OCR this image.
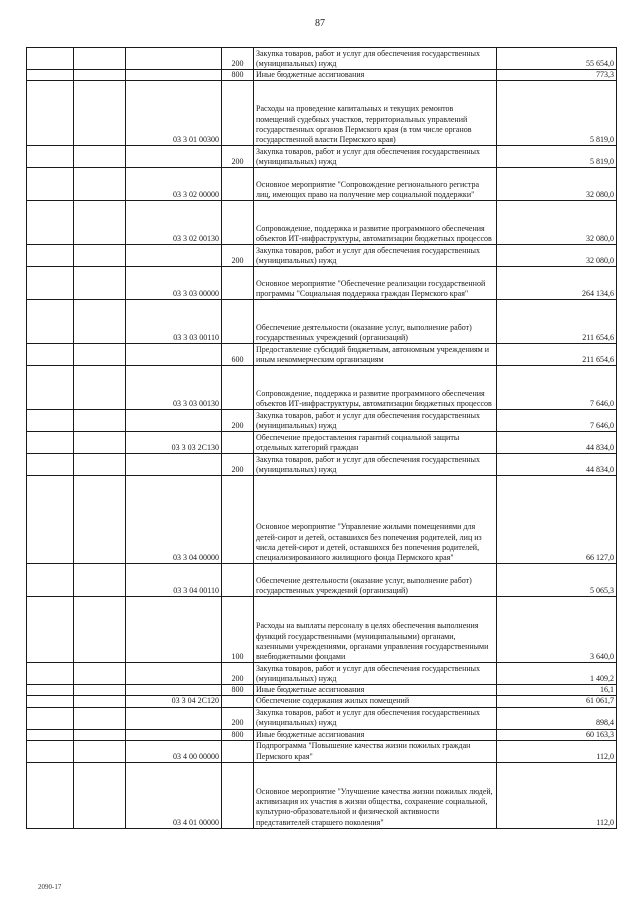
87
			200	Закупка товаров, работ и услуг для обеспечения государственных (муниципальных) нужд	55 654,0
			800	Иные бюджетные ассигнования	773,3
		03 3 01 00300		Расходы на проведение капитальных и текущих ремонтов помещений судебных участков, территориальных управлений государственных органов Пермского края (в том числе органов государственной власти Пермского края)	5 819,0
			200	Закупка товаров, работ и услуг для обеспечения государственных (муниципальных) нужд	5 819,0
		03 3 02 00000		Основное мероприятие "Сопровождение регионального регистра лиц, имеющих право на получение мер социальной поддержки"	32 080,0
		03 3 02 00130		Сопровождение, поддержка и развитие программного обеспечения объектов ИТ-инфраструктуры, автоматизации бюджетных процессов	32 080,0
			200	Закупка товаров, работ и услуг для обеспечения государственных (муниципальных) нужд	32 080,0
		03 3 03 00000		Основное мероприятие "Обеспечение реализации государственной программы "Социальная поддержка граждан Пермского края"	264 134,6
		03 3 03 00110		Обеспечение деятельности (оказание услуг, выполнение работ) государственных учреждений (организаций)	211 654,6
			600	Предоставление субсидий бюджетным, автономным учреждениям и иным некоммерческим организациям	211 654,6
		03 3 03 00130		Сопровождение, поддержка и развитие программного обеспечения объектов ИТ-инфраструктуры, автоматизации бюджетных процессов	7 646,0
			200	Закупка товаров, работ и услуг для обеспечения государственных (муниципальных) нужд	7 646,0
		03 3 03 2С130		Обеспечение предоставления гарантий социальной защиты отдельных категорий граждан	44 834,0
			200	Закупка товаров, работ и услуг для обеспечения государственных (муниципальных) нужд	44 834,0
		03 3 04 00000		Основное мероприятие "Управление жилыми помещениями для детей-сирот и детей, оставшихся без попечения родителей, лиц из числа детей-сирот и детей, оставшихся без попечения родителей, специализированного жилищного фонда Пермского края"	66 127,0
		03 3 04 00110		Обеспечение деятельности (оказание услуг, выполнение работ) государственных учреждений (организаций)	5 065,3
			100	Расходы на выплаты персоналу в целях обеспечения выполнения функций государственными (муниципальными) органами, казенными учреждениями, органами управления государственными внебюджетными фондами	3 640,0
			200	Закупка товаров, работ и услуг для обеспечения государственных (муниципальных) нужд	1 409,2
			800	Иные бюджетные ассигнования	16,1
		03 3 04 2С120		Обеспечение содержания жилых помещений	61 061,7
			200	Закупка товаров, работ и услуг для обеспечения государственных (муниципальных) нужд	898,4
			800	Иные бюджетные ассигнования	60 163,3
		03 4 00 00000		Подпрограмма "Повышение качества жизни пожилых граждан Пермского края"	112,0
		03 4 01 00000		Основное мероприятие "Улучшение качества жизни пожилых людей, активизация их участия в жизни общества, сохранение социальной, культурно-образовательной и физической активности представителей старшего поколения"	112,0
2090-17
